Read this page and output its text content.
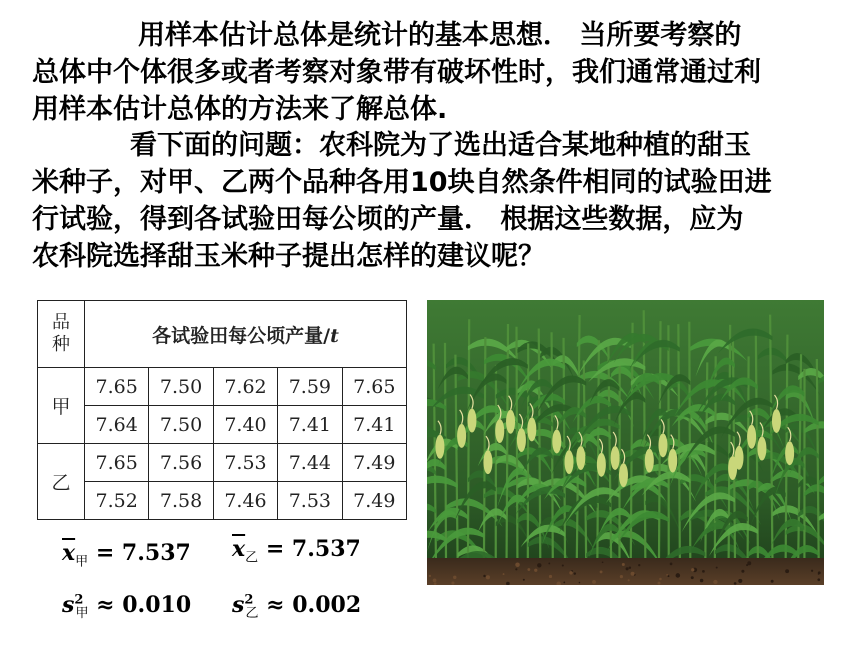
用样本估计总体是统计的基本思想． 当所要考察的
总体中个体很多或者考察对象带有破坏性时，我们通常通过利
用样本估计总体的方法来了解总体.
看下面的问题：农科院为了选出适合某地种植的甜玉
米种子，对甲、乙两个品种各用10块自然条件相同的试验田进
行试验，得到各试验田每公顷的产量． 根据这些数据，应为
农科院选择甜玉米种子提出怎样的建议呢？
品
种	各试验田每公顷产量/t				
甲	7.65	7.50	7.62	7.59	7.65
	7.64	7.50	7.40	7.41	7.41
乙	7.65	7.56	7.53	7.44	7.49
	7.52	7.58	7.46	7.53	7.49
$\overline{x}_甲 = 7.537$ $\overline{x}_乙 = 7.537$
$s^2_甲 \approx 0.010$ $s^2_乙 \approx 0.002$
